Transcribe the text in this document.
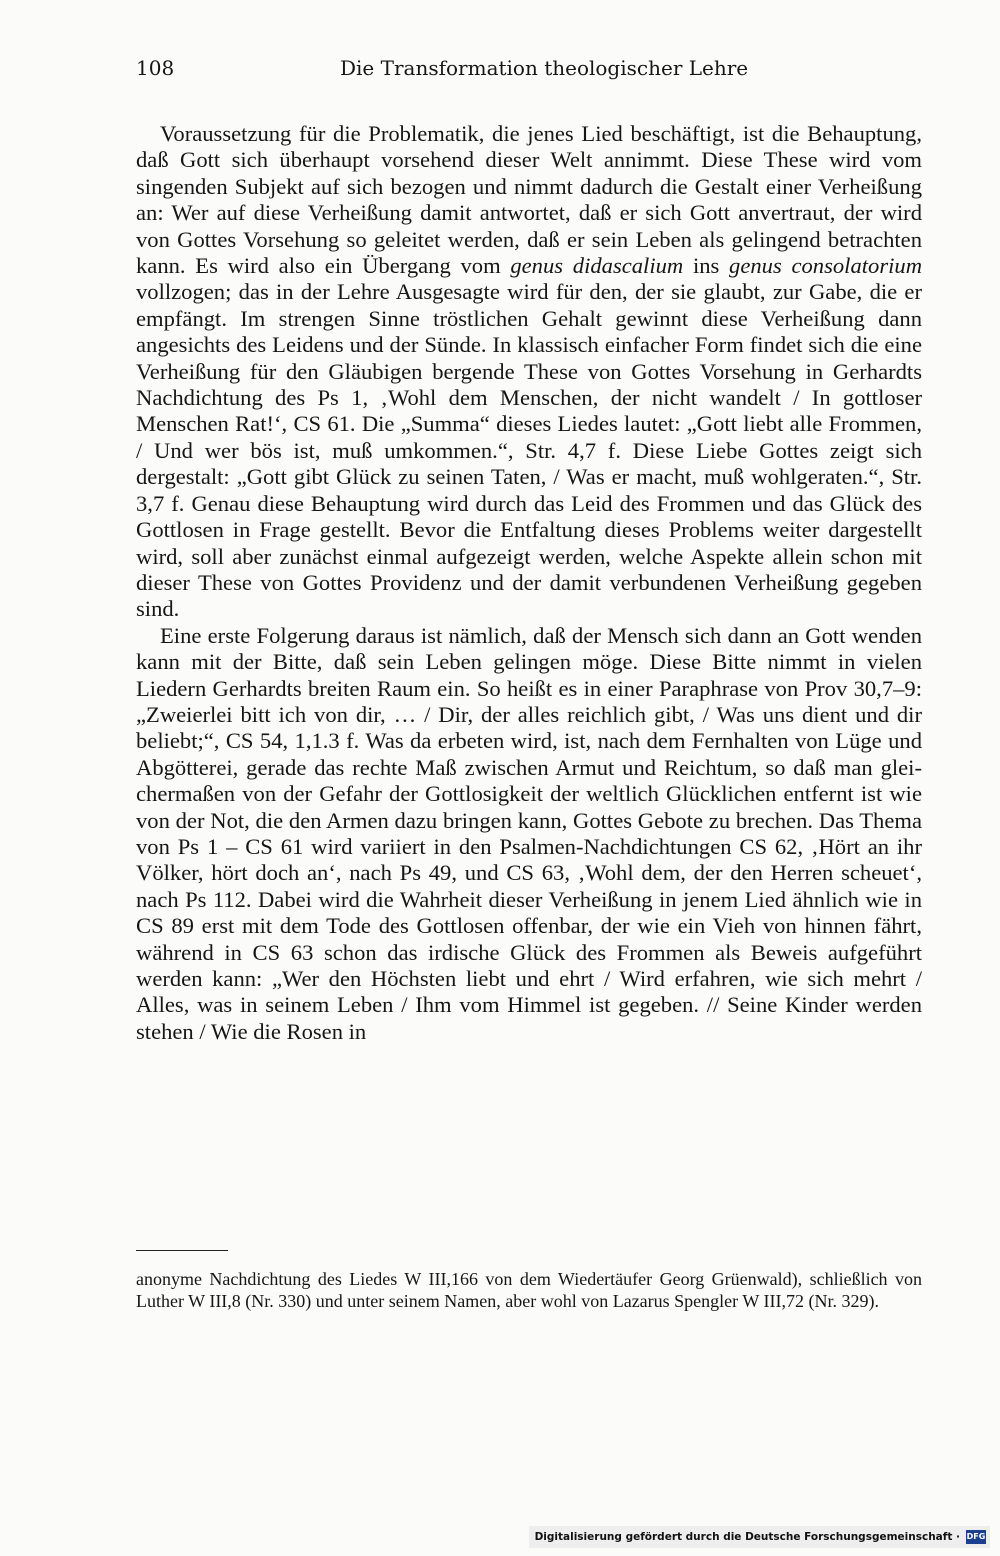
108	Die Transformation theologischer Lehre

Voraussetzung für die Problematik, die jenes Lied beschäftigt, ist die Behauptung, daß Gott sich überhaupt vorsehend dieser Welt annimmt. Diese These wird vom singenden Subjekt auf sich bezogen und nimmt dadurch die Gestalt einer Verheißung an: Wer auf diese Verheißung damit antwortet, daß er sich Gott anvertraut, der wird von Gottes Vorsehung so geleitet werden, daß er sein Leben als gelingend betrachten kann. Es wird also ein Übergang vom genus didascalium ins genus consolatorium vollzogen; das in der Lehre Ausgesagte wird für den, der sie glaubt, zur Gabe, die er empfängt. Im strengen Sinne tröstlichen Gehalt gewinnt diese Verheißung dann angesichts des Leidens und der Sünde. In klassisch einfacher Form findet sich die eine Verheißung für den Gläubigen bergende These von Gottes Vorsehung in Gerhardts Nachdichtung des Ps 1, ‚Wohl dem Menschen, der nicht wandelt / In gottloser Menschen Rat!‘, CS 61. Die „Summa“ dieses Liedes lautet: „Gott liebt alle Frommen, / Und wer bös ist, muß umkommen.“, Str. 4,7 f. Diese Liebe Gottes zeigt sich dergestalt: „Gott gibt Glück zu seinen Taten, / Was er macht, muß wohlgeraten.“, Str. 3,7 f. Genau diese Behauptung wird durch das Leid des Frommen und das Glück des Gottlosen in Frage gestellt. Bevor die Entfaltung dieses Problems weiter dargestellt wird, soll aber zunächst einmal aufgezeigt werden, welche Aspekte allein schon mit dieser These von Gottes Providenz und der damit verbundenen Verheißung gegeben sind.

Eine erste Folgerung daraus ist nämlich, daß der Mensch sich dann an Gott wenden kann mit der Bitte, daß sein Leben gelingen möge. Diese Bitte nimmt in vielen Liedern Gerhardts breiten Raum ein. So heißt es in einer Paraphrase von Prov 30,7–9: „Zweierlei bitt ich von dir, … / Dir, der alles reichlich gibt, / Was uns dient und dir beliebt;“, CS 54, 1,1.3 f. Was da erbeten wird, ist, nach dem Fernhalten von Lüge und Abgötterei, gerade das rechte Maß zwischen Armut und Reichtum, so daß man gleichermaßen von der Gefahr der Gottlosigkeit der weltlich Glücklichen entfernt ist wie von der Not, die den Armen dazu bringen kann, Gottes Gebote zu brechen. Das Thema von Ps 1 – CS 61 wird variiert in den Psalmen-Nachdichtungen CS 62, ‚Hört an ihr Völker, hört doch an‘, nach Ps 49, und CS 63, ‚Wohl dem, der den Herren scheuet‘, nach Ps 112. Dabei wird die Wahrheit dieser Verheißung in jenem Lied ähnlich wie in CS 89 erst mit dem Tode des Gottlosen offenbar, der wie ein Vieh von hinnen fährt, während in CS 63 schon das irdische Glück des Frommen als Beweis aufgeführt werden kann: „Wer den Höchsten liebt und ehrt / Wird erfahren, wie sich mehrt / Alles, was in seinem Leben / Ihm vom Himmel ist gegeben. // Seine Kinder werden stehen / Wie die Rosen in

anonyme Nachdichtung des Liedes W III,166 von dem Wiedertäufer Georg Grüenwald), schließlich von Luther W III,8 (Nr. 330) und unter seinem Namen, aber wohl von Lazarus Spengler W III,72 (Nr. 329).

Digitalisierung gefördert durch die Deutsche Forschungsgemeinschaft · DFG
